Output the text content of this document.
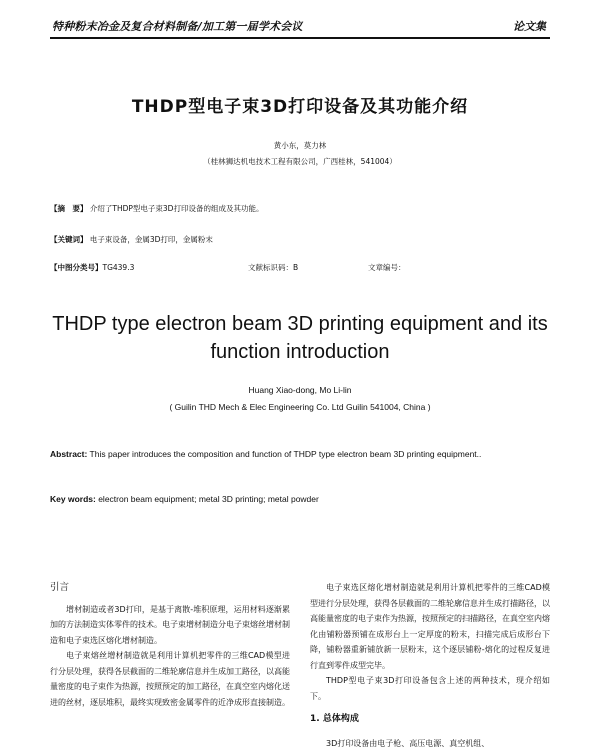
特种粉末冶金及复合材料制备/加工第一届学术会议	论文集
THDP型电子束3D打印设备及其功能介绍
黄小东，莫力林
（桂林狮达机电技术工程有限公司，广西桂林，541004）
【摘　要】 介绍了THDP型电子束3D打印设备的组成及其功能。
【关键词】 电子束设备，金属3D打印，金属粉末
【中图分类号】TG439.3	文献标识码：B	文章编号：
THDP type electron beam 3D printing equipment and its function introduction
Huang Xiao-dong, Mo Li-lin
( Guilin THD Mech & Elec Engineering Co. Ltd Guilin 541004, China )
Abstract: This paper introduces the composition and function of THDP type electron beam 3D printing equipment..
Key words: electron beam equipment; metal 3D printing; metal powder
引言

增材制造或者3D打印，是基于离散-堆积原理，运用材料逐渐累加的方法制造实体零件的技术。电子束增材制造分电子束熔丝增材制造和电子束选区熔化增材制造。

电子束熔丝增材制造就是利用计算机把零件的三维CAD模型进行分层处理，获得各层截面的二维轮廓信息并生成加工路径，以高能量密度的电子束作为热源，按照预定的加工路径，在真空室内熔化送进的丝材，逐层堆积，最终实现致密金属零件的近净成形直接制造。

电子束选区熔化增材制造就是利用计算机把零件的三维CAD模型进行分层处理，获得各层截面的二维轮廓信息并生成打描路径，以高能量密度的电子束作为热源，按照预定的扫描路径，在真空室内熔化由铺粉器预铺在成形台上一定厚度的粉末，扫描完成后成形台下降，铺粉器重新铺放新一层粉末，这个逐层铺粉-熔化的过程反复进行直到零件成型完毕。

THDP型电子束3D打印设备包含上述的两种技术，现介绍如下。

1. 总体构成

3D打印设备由电子枪、高压电源、真空机组、
